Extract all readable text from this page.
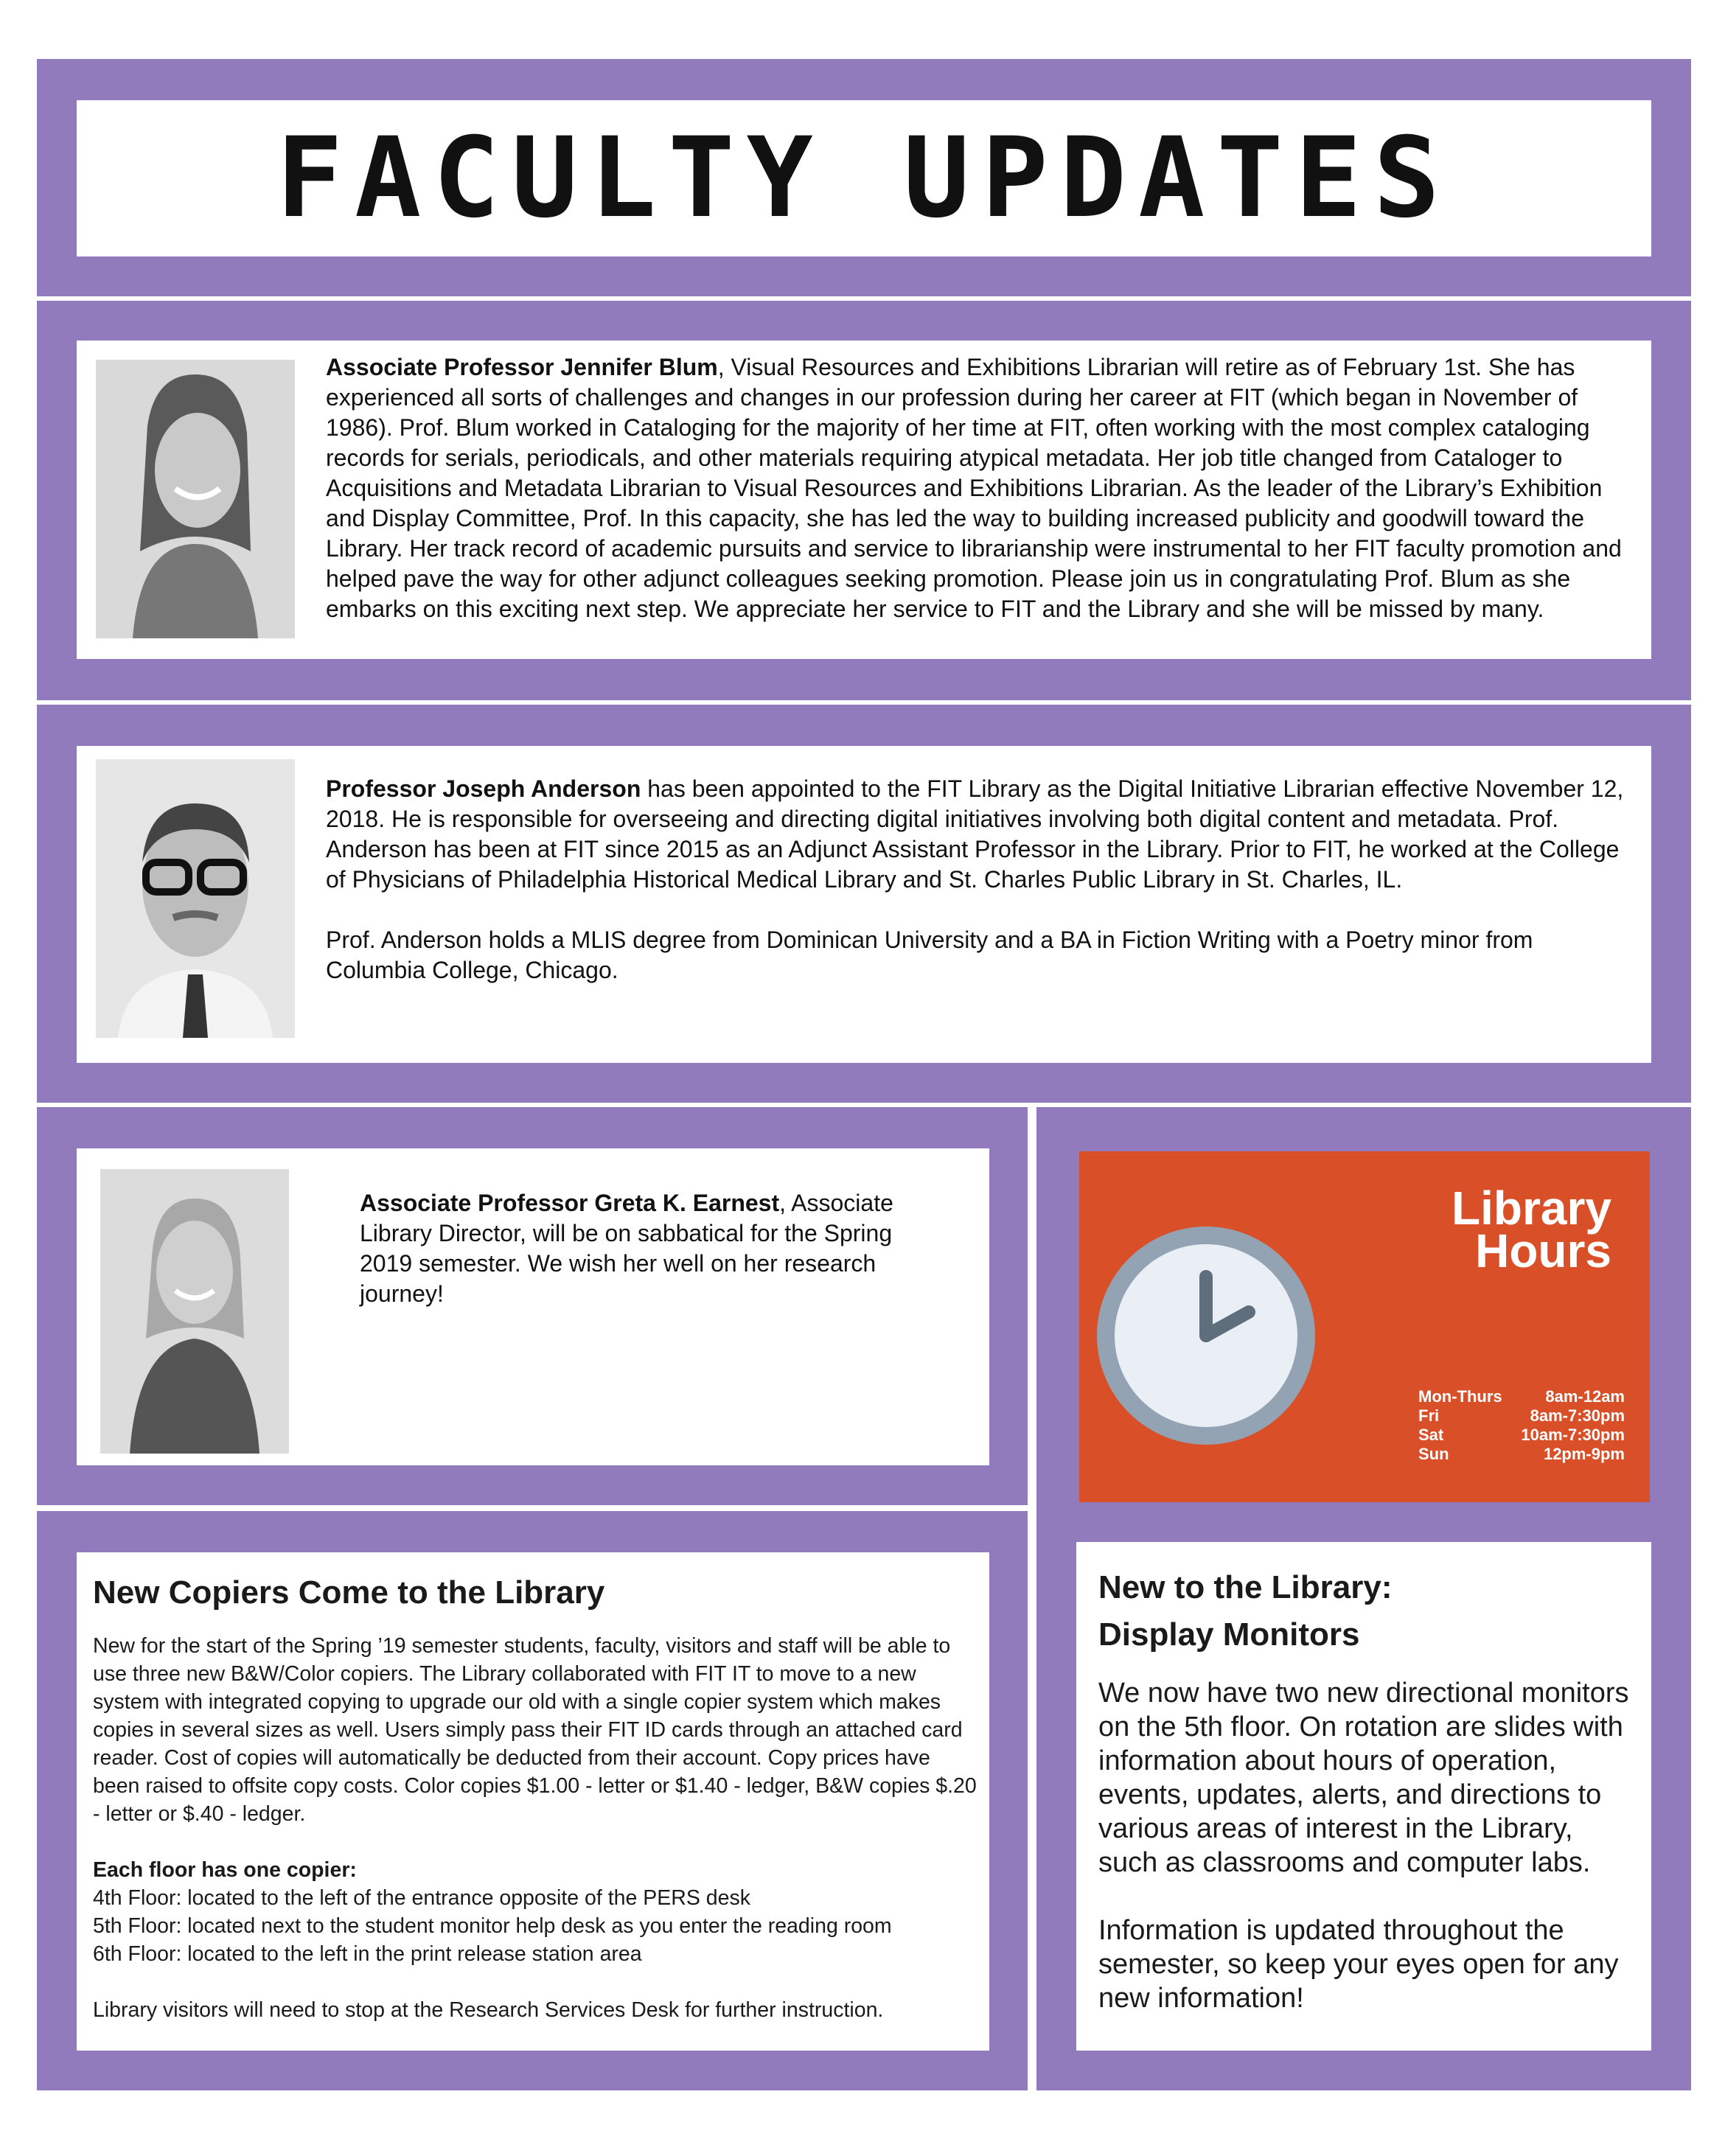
FACULTY UPDATES

Associate Professor Jennifer Blum, Visual Resources and Exhibitions Librarian will retire as of February 1st. She has experienced all sorts of challenges and changes in our profession during her career at FIT (which began in November of 1986). Prof. Blum worked in Cataloging for the majority of her time at FIT, often working with the most complex cataloging records for serials, periodicals, and other materials requiring atypical metadata. Her job title changed from Cataloger to Acquisitions and Metadata Librarian to Visual Resources and Exhibitions Librarian. As the leader of the Library’s Exhibition and Display Committee, Prof. In this capacity, she has led the way to building increased publicity and goodwill toward the Library. Her track record of academic pursuits and service to librarianship were instrumental to her FIT faculty promotion and helped pave the way for other adjunct colleagues seeking promotion. Please join us in congratulating Prof. Blum as she embarks on this exciting next step. We appreciate her service to FIT and the Library and she will be missed by many.

Professor Joseph Anderson has been appointed to the FIT Library as the Digital Initiative Librarian effective November 12, 2018. He is responsible for overseeing and directing digital initiatives involving both digital content and metadata. Prof. Anderson has been at FIT since 2015 as an Adjunct Assistant Professor in the Library. Prior to FIT, he worked at the College of Physicians of Philadelphia Historical Medical Library and St. Charles Public Library in St. Charles, IL.

Prof. Anderson holds a MLIS degree from Dominican University and a BA in Fiction Writing with a Poetry minor from Columbia College, Chicago.

Associate Professor Greta K. Earnest, Associate Library Director, will be on sabbatical for the Spring 2019 semester. We wish her well on her research journey!

Library
Hours
Mon-Thurs	8am-12am
Fri	8am-7:30pm
Sat	10am-7:30pm
Sun	12pm-9pm

New to the Library:
Display Monitors

We now have two new directional monitors on the 5th floor. On rotation are slides with information about hours of operation, events, updates, alerts, and directions to various areas of interest in the Library, such as classrooms and computer labs.

Information is updated throughout the semester, so keep your eyes open for any new information!

New Copiers Come to the Library

New for the start of the Spring ’19 semester students, faculty, visitors and staff will be able to use three new B&W/Color copiers. The Library collaborated with FIT IT to move to a new system with integrated copying to upgrade our old with a single copier system which makes copies in several sizes as well. Users simply pass their FIT ID cards through an attached card reader. Cost of copies will automatically be deducted from their account. Copy prices have been raised to offsite copy costs. Color copies $1.00 - letter or $1.40 - ledger, B&W copies $.20 - letter or $.40 - ledger.

Each floor has one copier:

4th Floor: located to the left of the entrance opposite of the PERS desk

5th Floor: located next to the student monitor help desk as you enter the reading room

6th Floor: located to the left in the print release station area

Library visitors will need to stop at the Research Services Desk for further instruction.
